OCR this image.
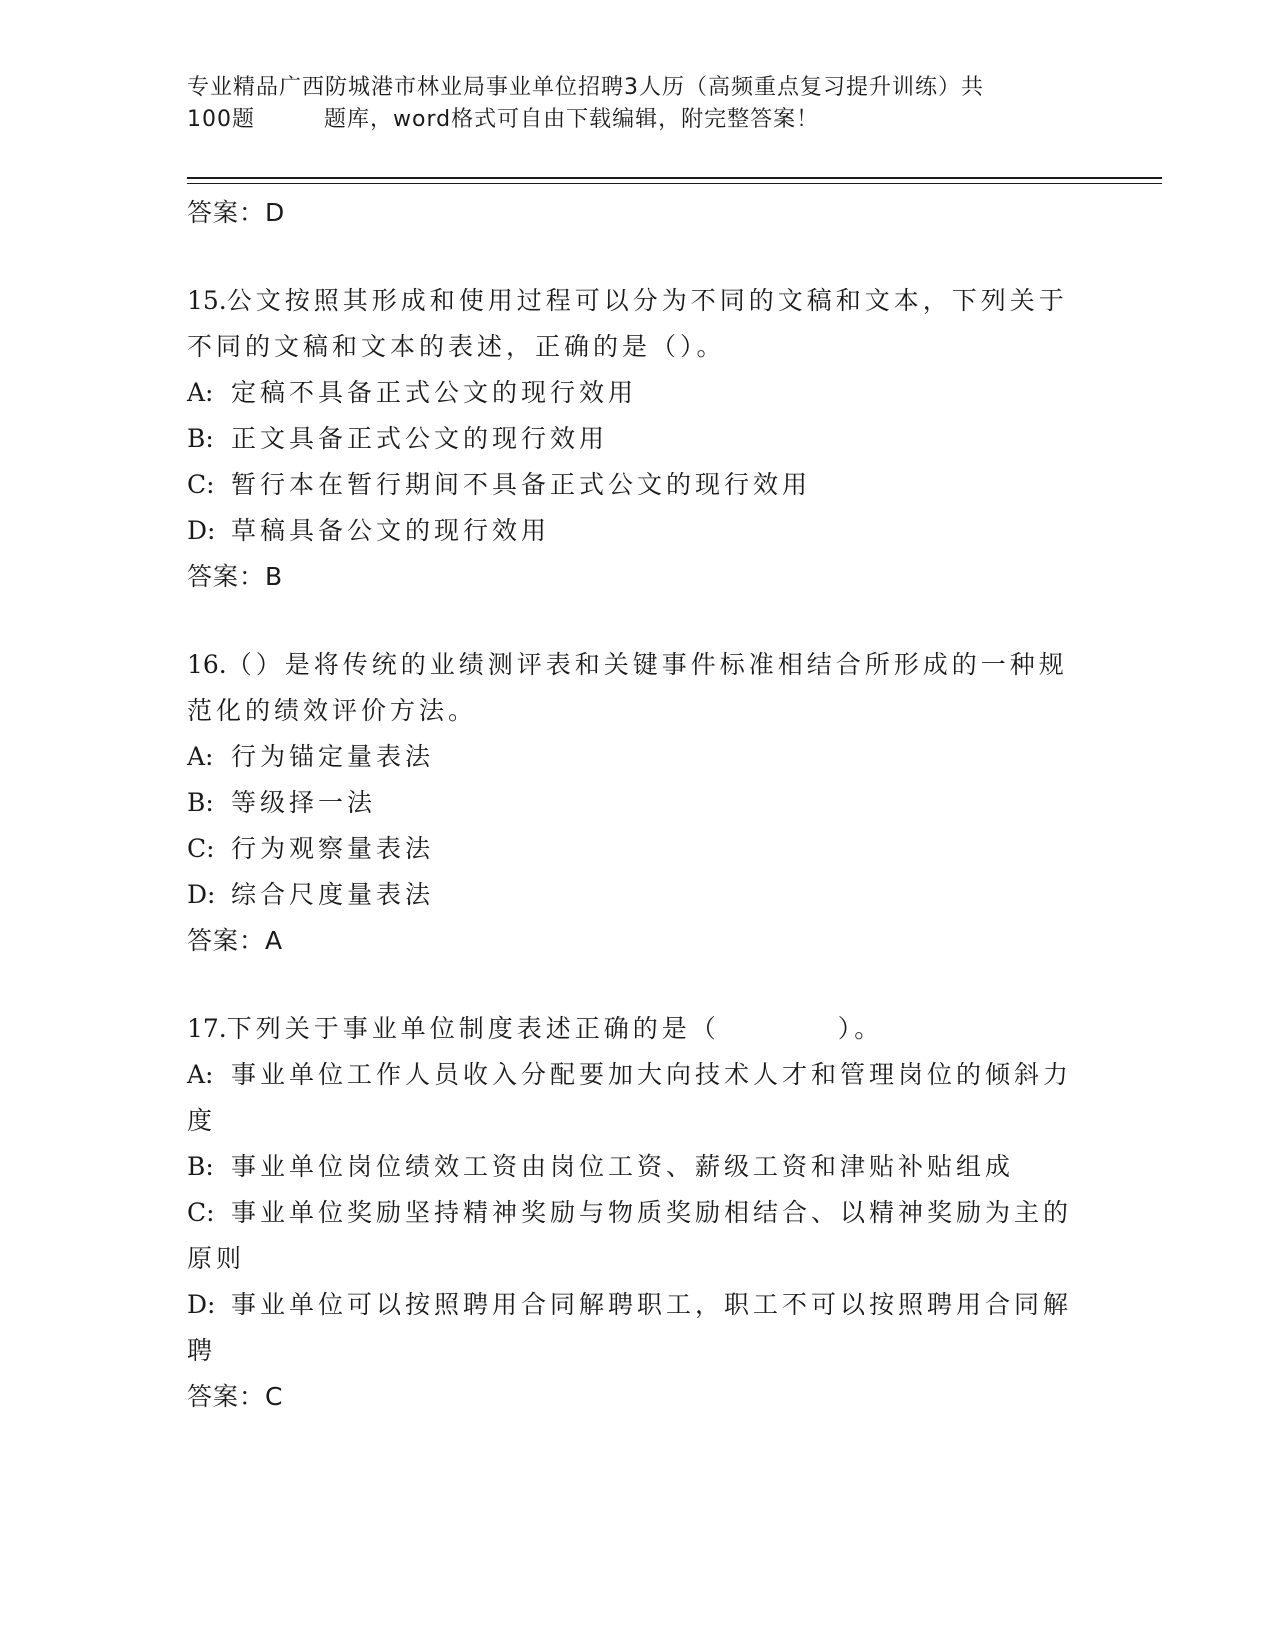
专业精品广西防城港市林业局事业单位招聘3人历（高频重点复习提升训练）共
100题	题库，word格式可自由下载编辑，附完整答案！

答案：D

15.公文按照其形成和使用过程可以分为不同的文稿和文本，下列关于不同的文稿和文本的表述，正确的是（）。

A: 定稿不具备正式公文的现行效用

B: 正文具备正式公文的现行效用

C: 暂行本在暂行期间不具备正式公文的现行效用

D: 草稿具备公文的现行效用

答案：B

16.（）是将传统的业绩测评表和关键事件标准相结合所形成的一种规范化的绩效评价方法。

A: 行为锚定量表法

B: 等级择一法

C: 行为观察量表法

D: 综合尺度量表法

答案：A

17.下列关于事业单位制度表述正确的是（	）。

A: 事业单位工作人员收入分配要加大向技术人才和管理岗位的倾斜力度

B: 事业单位岗位绩效工资由岗位工资、薪级工资和津贴补贴组成

C: 事业单位奖励坚持精神奖励与物质奖励相结合、以精神奖励为主的原则

D: 事业单位可以按照聘用合同解聘职工，职工不可以按照聘用合同解聘

答案：C
